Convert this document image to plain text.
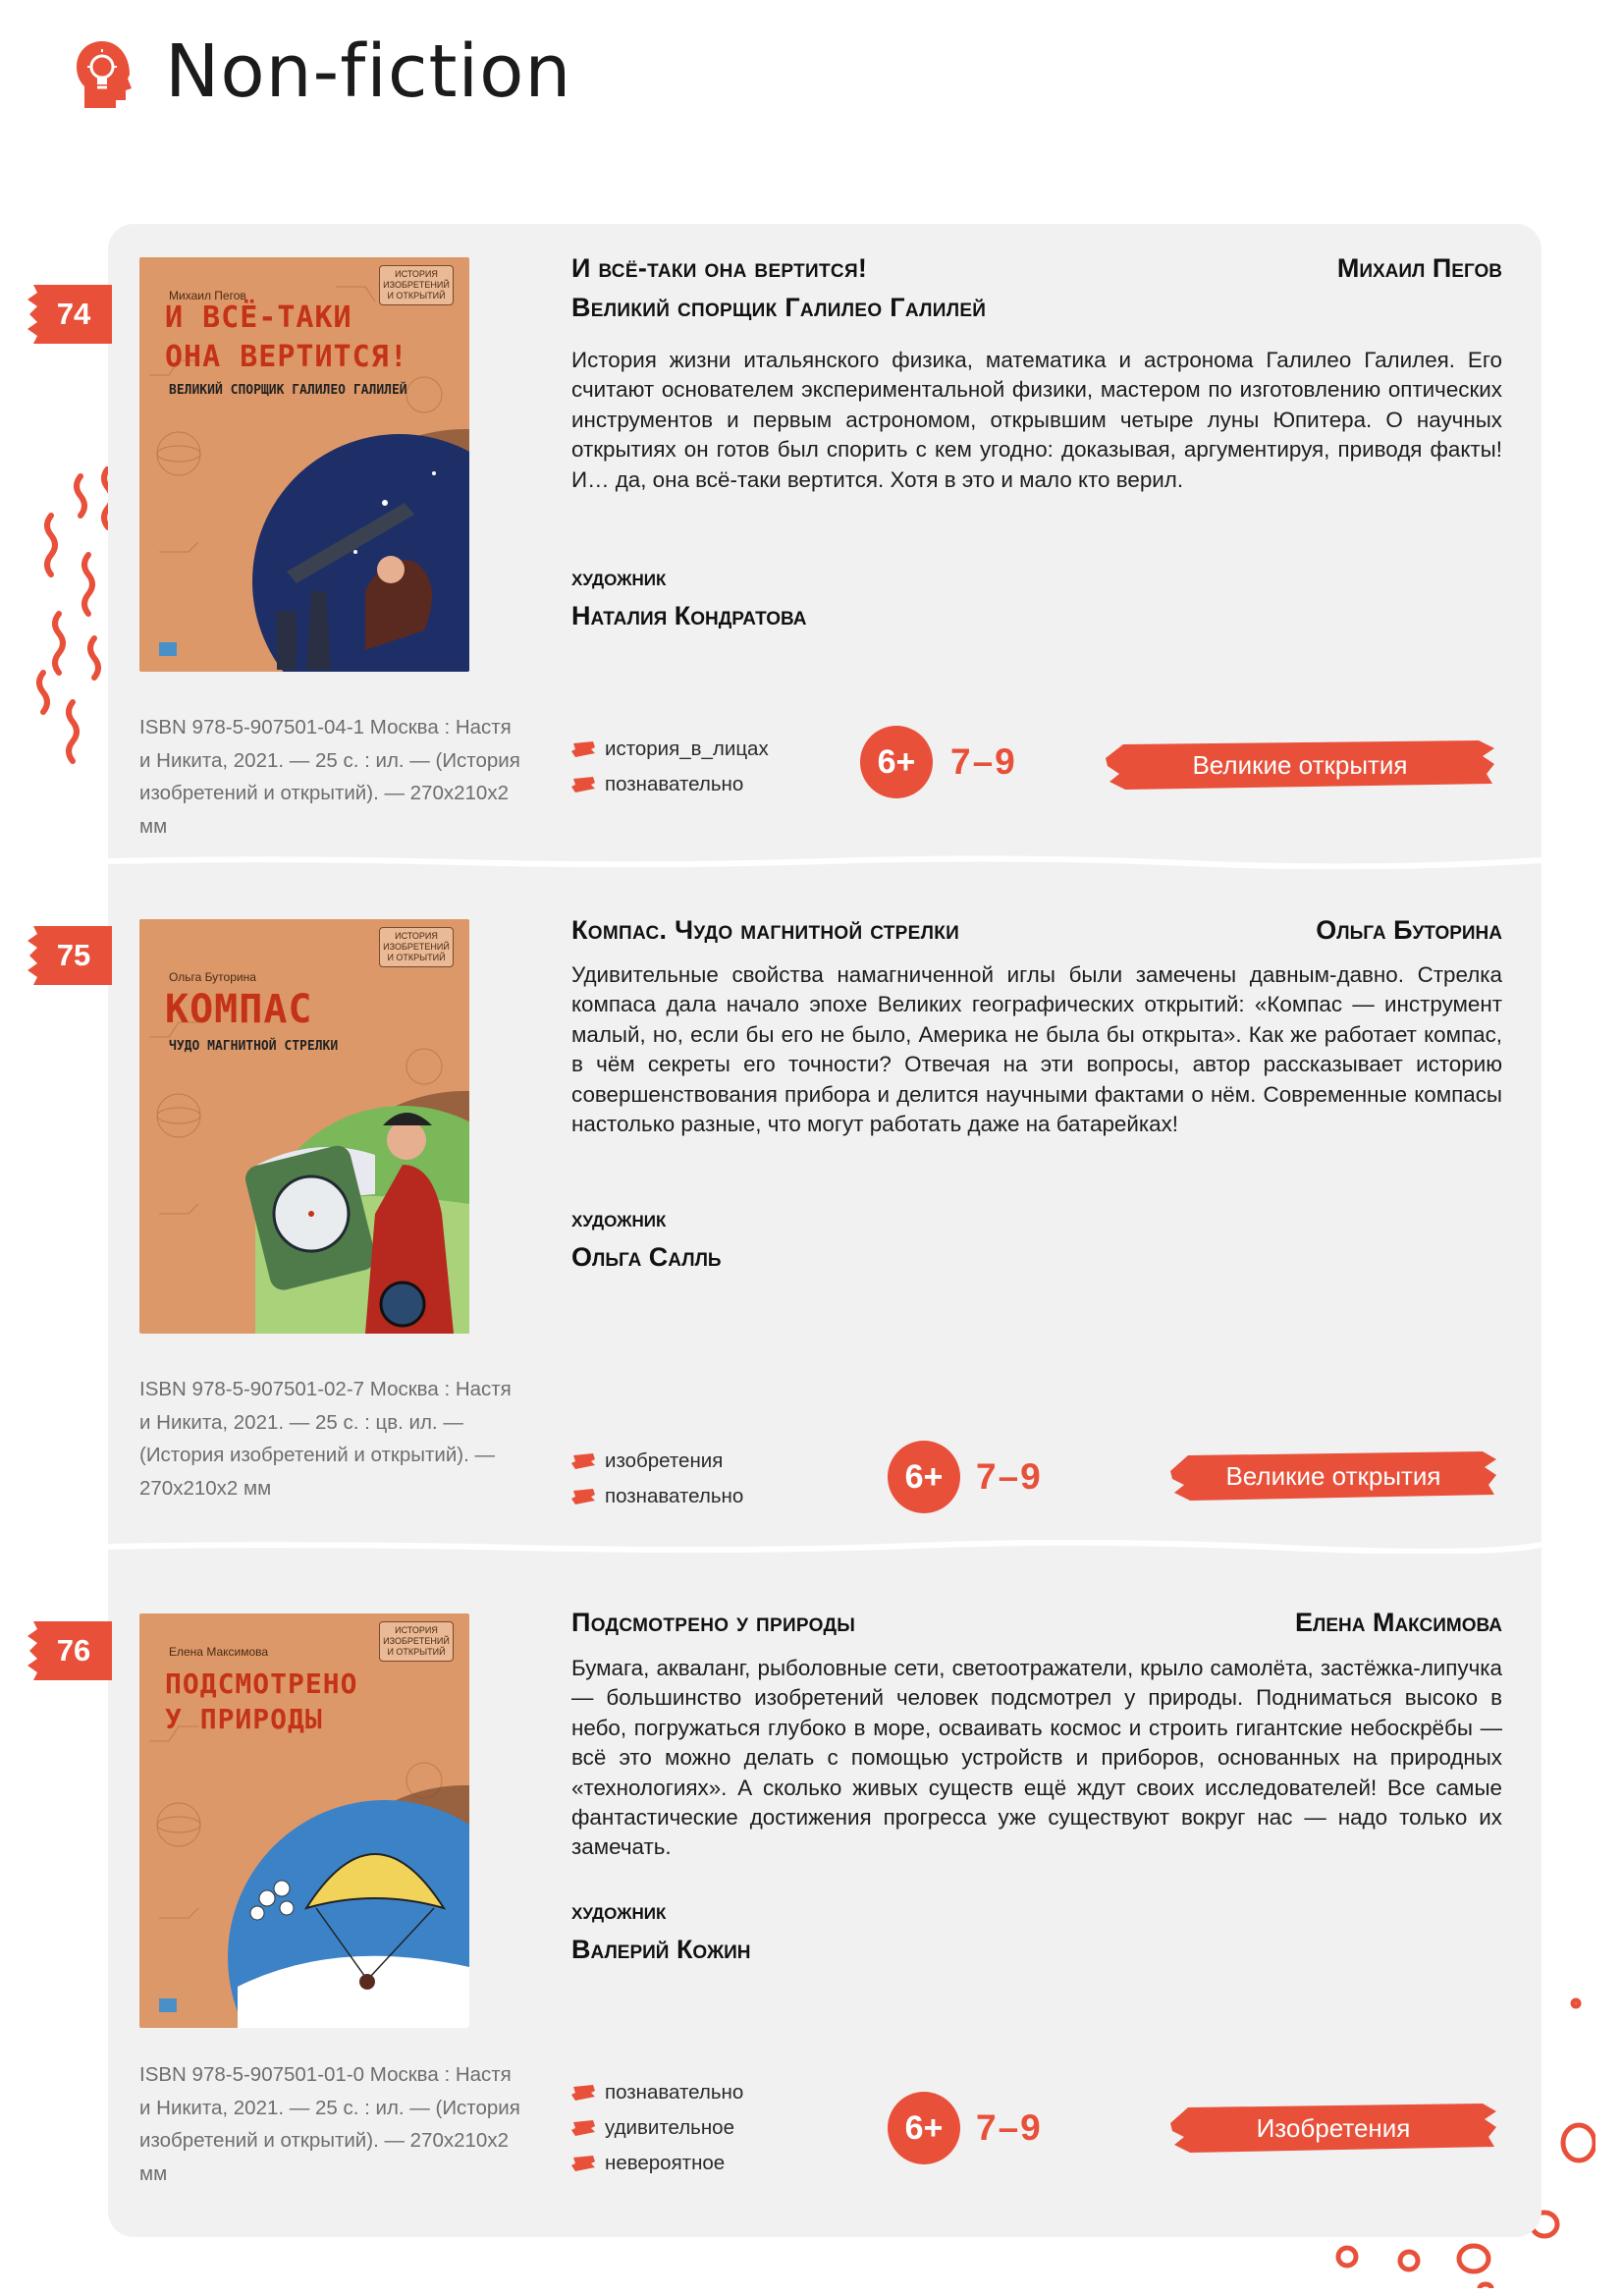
Non-fiction
74
Михаил Пегов
ИСТОРИЯ ИЗОБРЕТЕНИЙ И ОТКРЫТИЙ
И ВСЁ-ТАКИ
ОНА ВЕРТИТСЯ!
ВЕЛИКИЙ СПОРЩИК ГАЛИЛЕО ГАЛИЛЕЙ
И всё-таки она вертится!
Великий спорщик Галилео Галилей
Михаил Пегов
История жизни итальянского физика, математика и астронома Галилео Галилея. Его считают основателем экспериментальной физики, мастером по изготовлению оптических инструментов и первым астрономом, открывшим четыре луны Юпитера. О научных открытиях он готов был спорить с кем угодно: доказывая, аргументируя, приводя факты! И… да, она всё-таки вертится. Хотя в это и мало кто верил.
художник
Наталия Кондратова
ISBN 978-5-907501-04-1 Москва : Настя и Никита, 2021. — 25 с. : ил. — (История изобретений и открытий). — 270х210х2 мм
история_в_лицах
познавательно
6+ 7–9	Великие открытия
75
Ольга Буторина
ИСТОРИЯ ИЗОБРЕТЕНИЙ И ОТКРЫТИЙ
КОМПАС
ЧУДО МАГНИТНОЙ СТРЕЛКИ
Компас. Чудо магнитной стрелки	Ольга Буторина
Удивительные свойства намагниченной иглы были замечены давным-давно. Стрелка компаса дала начало эпохе Великих географических открытий: «Компас — инструмент малый, но, если бы его не было, Америка не была бы открыта». Как же работает компас, в чём секреты его точности? Отвечая на эти вопросы, автор рассказывает историю совершенствования прибора и делится научными фактами о нём. Современные компасы настолько разные, что могут работать даже на батарейках!
художник
Ольга Салль
ISBN 978-5-907501-02-7 Москва : Настя и Никита, 2021. — 25 с. : цв. ил. — (История изобретений и открытий). — 270х210х2 мм
изобретения
познавательно
6+ 7–9	Великие открытия
76	Елена Максимова
ИСТОРИЯ ИЗОБРЕТЕНИЙ И ОТКРЫТИЙ
ПОДСМОТРЕНО
У ПРИРОДЫ
Подсмотрено у природы	Елена Максимова
Бумага, акваланг, рыболовные сети, светоотражатели, крыло самолёта, застёжка-липучка — большинство изобретений человек подсмотрел у природы. Подниматься высоко в небо, погружаться глубоко в море, осваивать космос и строить гигантские небоскрёбы — всё это можно делать с помощью устройств и приборов, основанных на природных «технологиях». А сколько живых существ ещё ждут своих исследователей! Все самые фантастические достижения прогресса уже существуют вокруг нас — надо только их замечать.
художник
Валерий Кожин
ISBN 978-5-907501-01-0 Москва : Настя и Никита, 2021. — 25 с. : ил. — (История изобретений и открытий). — 270х210х2 мм
познавательно
удивительное
невероятное
6+ 7–9	Изобретения
